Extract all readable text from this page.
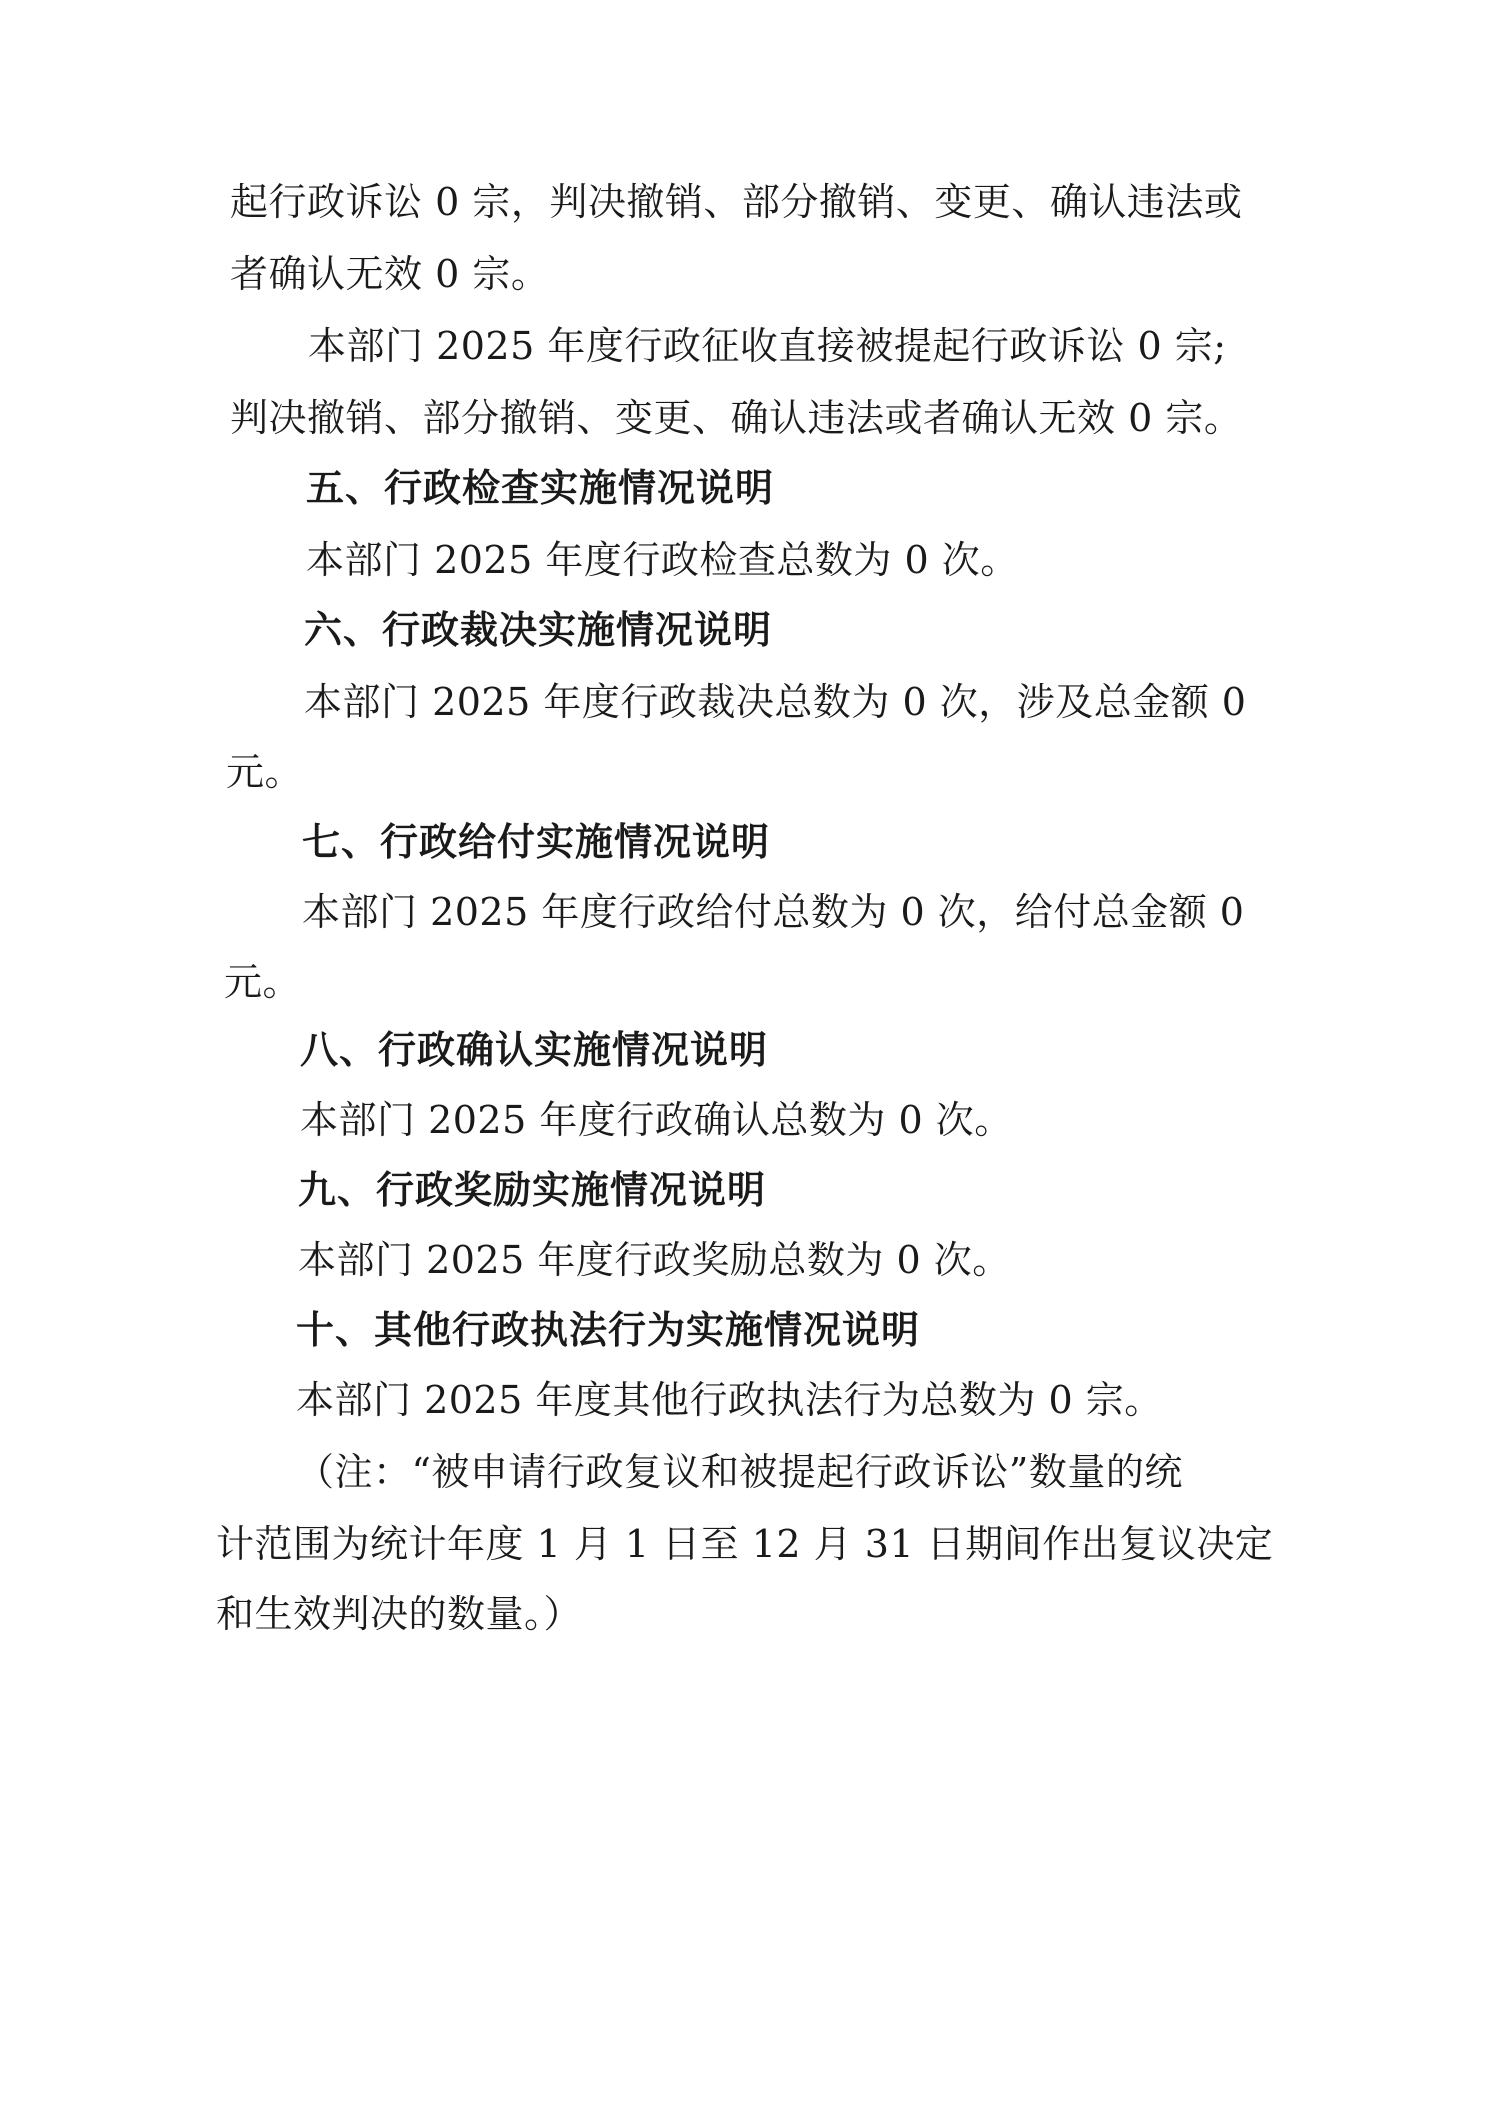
起行政诉讼 0 宗，判决撤销、部分撤销、变更、确认违法或
者确认无效 0 宗。
本部门 2025 年度行政征收直接被提起行政诉讼 0 宗;
判决撤销、部分撤销、变更、确认违法或者确认无效 0 宗。
五、行政检查实施情况说明
本部门 2025 年度行政检查总数为 0 次。
六、行政裁决实施情况说明
本部门 2025 年度行政裁决总数为 0 次，涉及总金额 0
元。
七、行政给付实施情况说明
本部门 2025 年度行政给付总数为 0 次，给付总金额 0
元。
八、行政确认实施情况说明
本部门 2025 年度行政确认总数为 0 次。
九、行政奖励实施情况说明
本部门 2025 年度行政奖励总数为 0 次。
十、其他行政执法行为实施情况说明
本部门 2025 年度其他行政执法行为总数为 0 宗。
（注：“被申请行政复议和被提起行政诉讼”数量的统
计范围为统计年度 1 月 1 日至 12 月 31 日期间作出复议决定
和生效判决的数量。）
